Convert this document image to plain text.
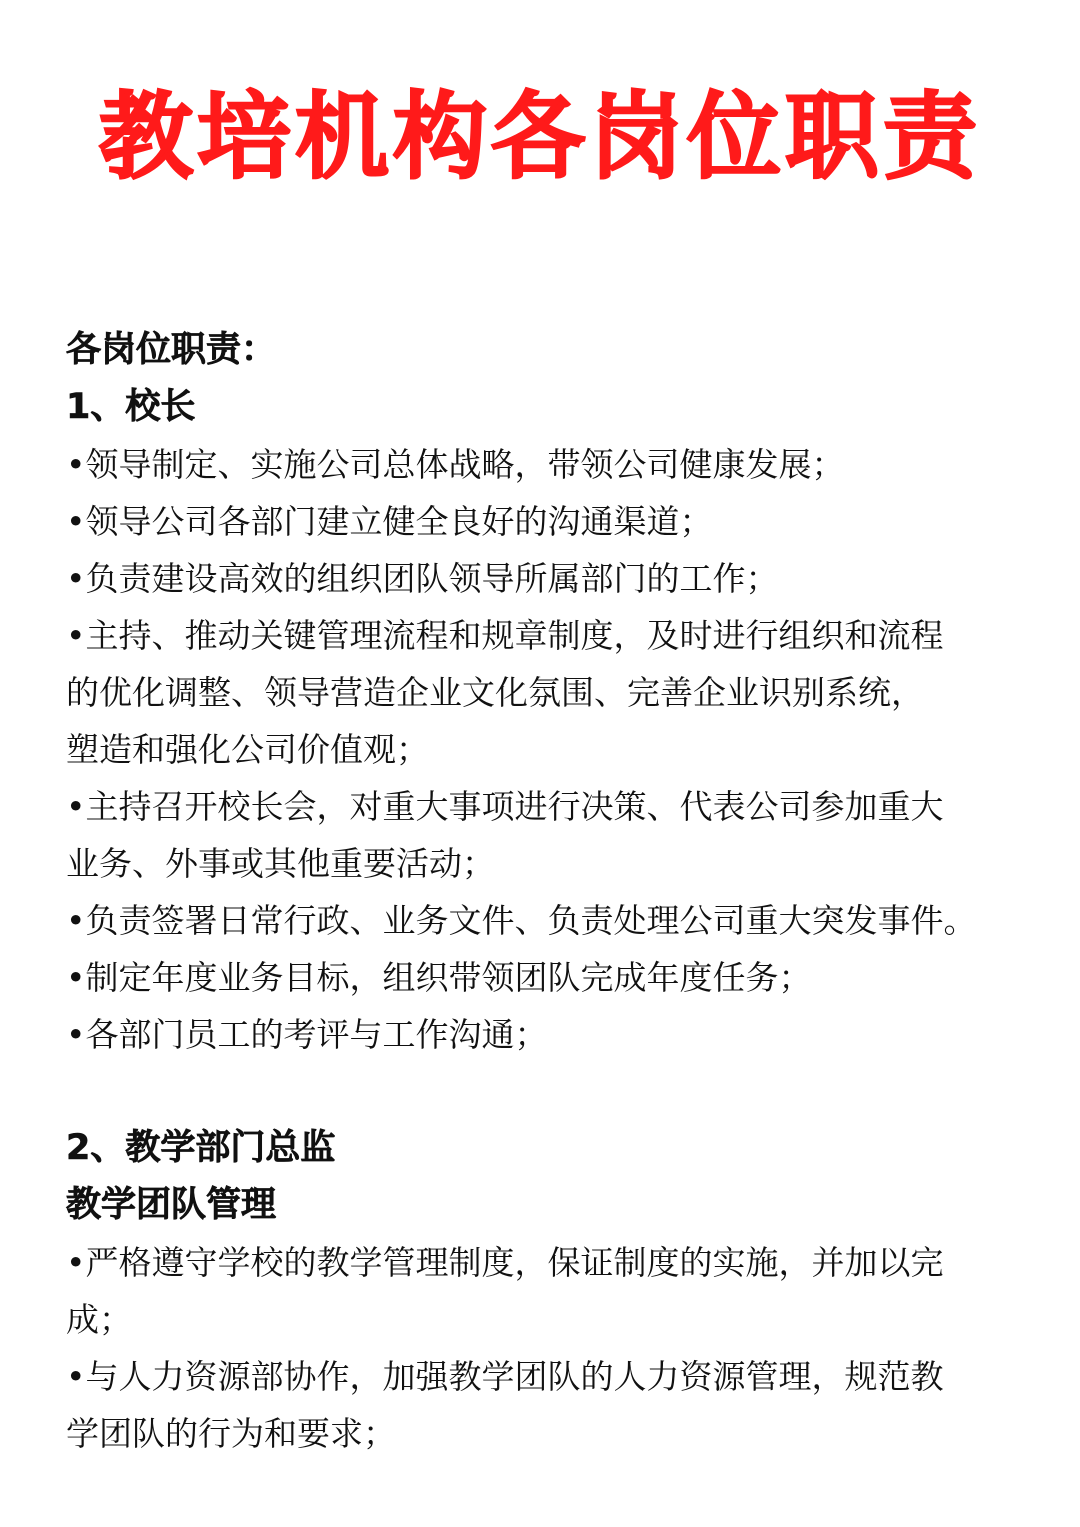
教培机构各岗位职责
各岗位职责：
1、校长
•领导制定、实施公司总体战略，带领公司健康发展；
•领导公司各部门建立健全良好的沟通渠道；
•负责建设高效的组织团队领导所属部门的工作；
•主持、推动关键管理流程和规章制度，及时进行组织和流程
的优化调整、领导营造企业文化氛围、完善企业识别系统，
塑造和强化公司价值观；
•主持召开校长会，对重大事项进行决策、代表公司参加重大
业务、外事或其他重要活动；
•负责签署日常行政、业务文件、负责处理公司重大突发事件。
•制定年度业务目标，组织带领团队完成年度任务；
•各部门员工的考评与工作沟通；
2、教学部门总监
教学团队管理
•严格遵守学校的教学管理制度，保证制度的实施，并加以完
成；
•与人力资源部协作，加强教学团队的人力资源管理，规范教
学团队的行为和要求；
